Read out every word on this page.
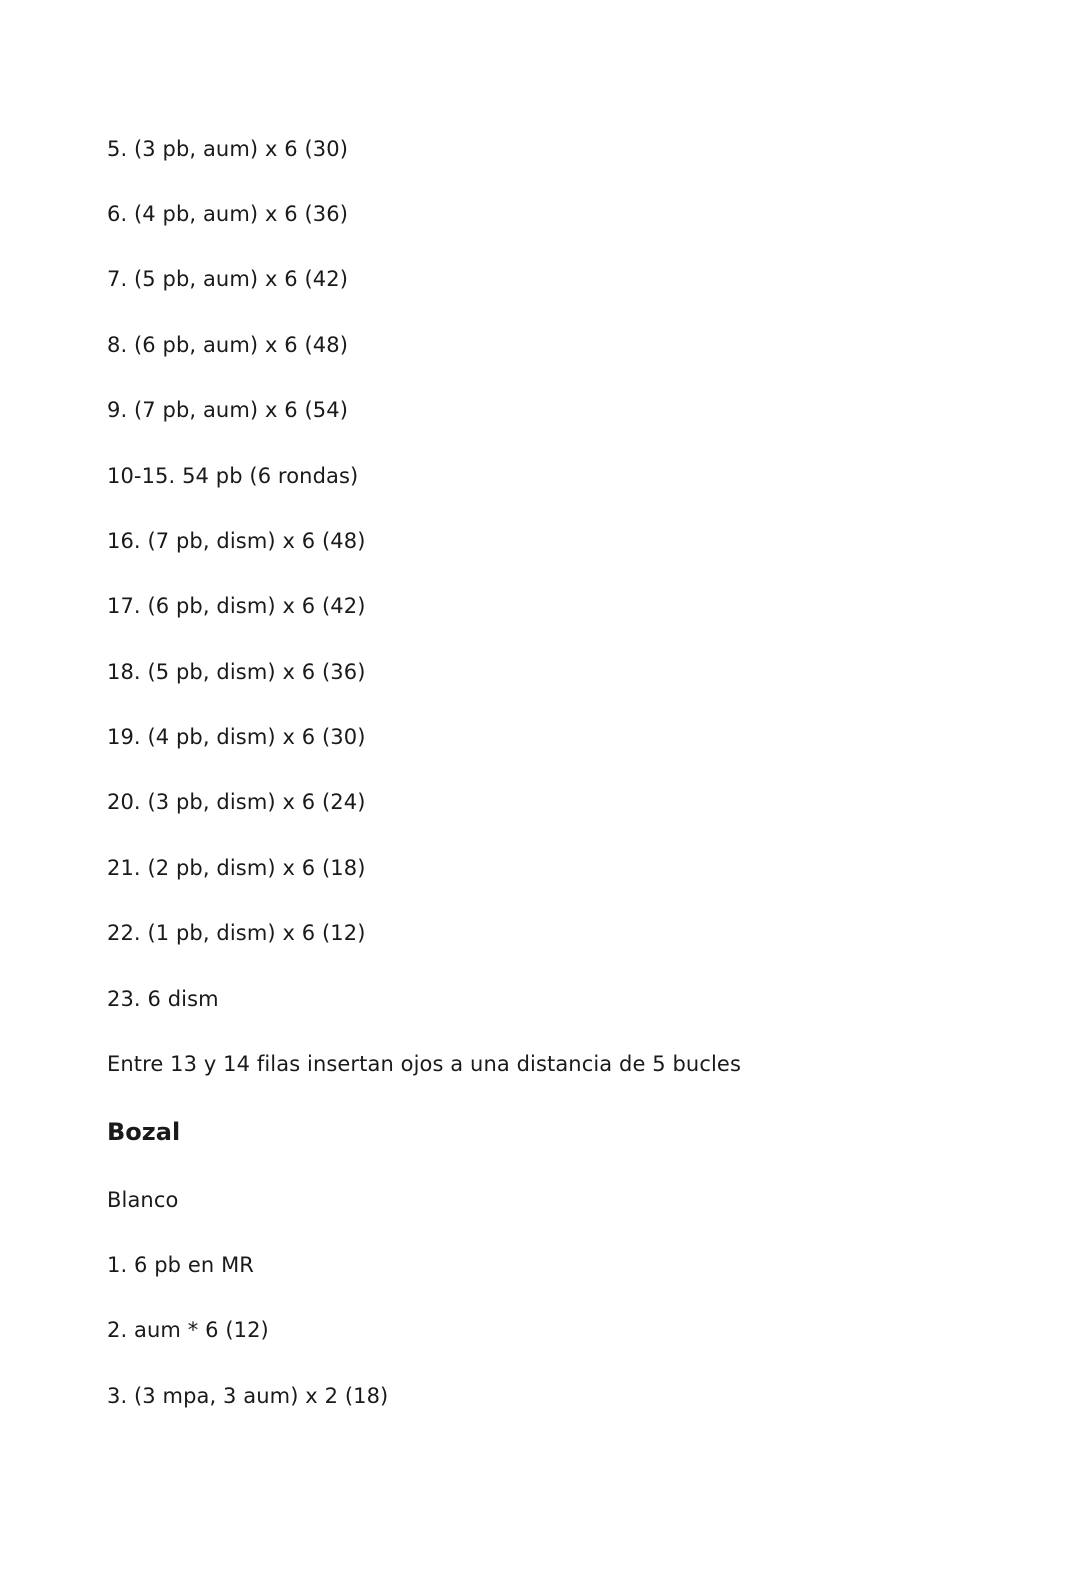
5. (3 pb, aum) x 6 (30)
6. (4 pb, aum) x 6 (36)
7. (5 pb, aum) x 6 (42)
8. (6 pb, aum) x 6 (48)
9. (7 pb, aum) x 6 (54)
10-15. 54 pb (6 rondas)
16. (7 pb, dism) x 6 (48)
17. (6 pb, dism) x 6 (42)
18. (5 pb, dism) x 6 (36)
19. (4 pb, dism) x 6 (30)
20. (3 pb, dism) x 6 (24)
21. (2 pb, dism) x 6 (18)
22. (1 pb, dism) x 6 (12)
23. 6 dism
Entre 13 y 14 filas insertan ojos a una distancia de 5 bucles
Bozal
Blanco
1. 6 pb en MR
2. aum * 6 (12)
3. (3 mpa, 3 aum) x 2 (18)
